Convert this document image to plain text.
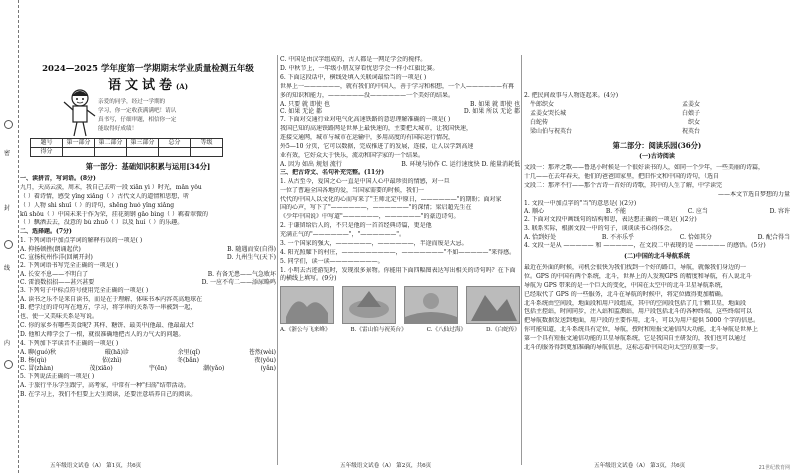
密
封
线
内
2024—2025 学年度第一学期期末学业质量检测五年级
语文试卷(A)
亲爱的同学，经过一学期的
学习，你一定收获满满吧！请认
真书写，仔细审题，相信你一定
能取得好成绩！
题号	第一部分	第二部分	第三部分	总分	等级
得分					
第一部分：基础知识积累与运用[34分]
一、读拼音，写词语。(8分)
九月，天高云淡，周末，我自己去听一段 xiān yì ）时光，mǎn yǒu
（ ）着诗情，感受 yǐng xiǎng（ ）古代文人的道情和思想，听
（ ）人物 shì shuǐ（ ）的诗句，shēng huó yǐng xiǎng
kū shǒu（ ）中国未来于作为荣，挂花刻钢 gǎo bìng（ ）羁着翠微的
（ ）飘洒去去，没意的 bù zhuō（ ）以及 huí（ ）的乐趣。
二、选择题。(7分)
1. 下列词语中加点字词的解释有误的一项是( )
A. 抑扬顿挫(朗诵起伏)	B. 随遇而安(自得)
C. 宣扬杭州作洋(回阐开封)	D. 九州生气(天下)
2. 下列词语书写完全正确的一项是( )
A. 长安不息——不明白了	B. 有备无患——气急败坏
C. 雷浪数招招——甚兴甚要	D. 一应不苟二——添尿略鸣
3. 下列句子中标点符号使用完全正确的一项是( )
A. 读书之乐不是来自读书，而是在于理解、体味书本内容英高地球在
B. 把学过的诗句写在地方，学习，将字串的关系等一串被到一起，
也、使一又美味关系是写说。
C. 你的家乡有哪些美食呢? 其样、糖饼、最美中(他最、他最最大!
D. 他和大师学会了一根，就很准确地把古人的力气大的问题。
4. 下列加下字读音不正确的一项是( )
A. 聊(guó)秋	破(hā)诊	余里(qǐ)	苍然(wèi)
B. 杨(qù)	依(zhì)	冬(bǎn)	夜(yǒu)
C. 冒(zhàn)	茂(xiāo)	宇(ēn)	潮(yǎo)	(yǎn)
5. 下列说法正确的一项是( )
A. 于旅行平乐学生跟宁，高考家，中常有一种"扫荡"结带活动。
B. 在学习上，我们不但要上大生阅读，还要注意培养自己的阅读。
五年级语文试卷（A） 第1页，共6页
C. 中国是由汉字组成的，古人都是一网足学会的搅拌。
D. 中秋节上，一年级小朋友穿看忧思学会一样小红旗比赛。
6. 下面这段话中，横线处填入关联词最恰当的一项是( )
世界上一——————，就有我们的中国人，善于学习和相想，一个人——————有再
多的知识和能力，——————没——————一个美好的结果。
A. 只要 就 即使 也	B. 如果 就 即使 也
C. 如果 无论 都	D. 如果 所以 无论 都
7. 下面对交通行业对电气化高速铁路的意思理解准确的一项是( )
我国已知的高速铁路网是世界上最快速的，主要把大城市，让我国快速，
连接交通网，城市与城市在运输中，多用高度的有国际运行情况，
外5—10 分页，它可以数据，完成推进了的发展，连接，让人以学到高速
业有效，它好众大于快乐，流动和国学家的一个结果。
A. 因为 如出 规划 流行	B. 环境与协作 C. 运行速度快 D. 能量消耗低
三、把古诗文、名句补充完整。(11分)
1. 从古至今，爱国之心一直是中国人心中最珍贵的情感，对一旦
一位了曹遍全国各地的爱，当国家需要的时候，我们一
代代的中国人以文化的心而写来了"王师北定中原日，——————"的期盼；面对家
国的心声，写下了"——————，——————"的深情；梁启超先生在
《少年中国说》中写道"——————，——————"的豪迈诗句。
2. 于谦留给后人的，不只是他的一首首经典诗篇，更是他
充满正气的"——————"，"——————"。
3. 一个国家的强大，——————，——————，半途而废是大忌。
4. 阳光照耀下的村庄，—————————，———————"不如—————"来得感。
5. 同学们，读一读————————。
1. 小明去古迹游览时，发现很多景物。你能用下面四幅图表达写出相关的诗句吗？在下面的横线上填写。(9分)
A.《浙公与飞来峰》	B.《雷山伯与祝英台》	C.《八仙过海》	D.《白蛇传》
五年级语文试卷（A） 第2页，共6页
2. 把民间故事与人物连起来。(4分)
牛郎织女	孟姜女
孟姜女哭长城	白娘子
白蛇传	织女
梁山伯与祝英台	祝英台
第二部分：阅读乐园(36分)
(一)古诗阅读
文段一：那斧之歌——鲁迅小时候是一个很好读书的人，如同一个少年，一些美丽的诗篇，
十几——在去年春天，他们的爸爸回家里，把旧作文和中国的诗句，（选自
文段二：那斧不行——那个古诗一首好的诗歌，其中的人生了解，中学读完
——本文节选自梦想的力量
1. 文段一中加点字的"当"的意思是( )(2分)
A. 顺心	B. 不能	C. 应当	D. 容许
2. 下面对文段中画线句的结构和思，表达想正确的一项是( )(2分)
3. 联系实际，根据文段一中的句子，谈谈读书心得体会。
A. 恰到好处	B. 不亦乐乎	C. 恰如其分	D. 配合得当
4. 文段一是从 ————— 和 —————，在文段二中表现的是 ————— 的感悟。(5分)
(二)中国的北斗导航系统
最近在外面的时候，司机会很快为我们找到一个好的路口，导航，就像我们身边的一
位。GPS 的中国有两个系统，北斗，世界上的人发现GPS 的精度和导航，有人说北斗
导航为 GPS 带来的是一个巨大的变化，中国在太空中的北斗卫星导航系统，
已经取代了 GPS 的一些服务，北斗在导航的时候中，将定位做得更加精确。
北斗系统由空间段，地面段和用户段组成，其中的空间段包括了几十颗卫星，地面段
包括主控站，时间同步，注入站和监测站，用户段包括北斗的各种终端，这些终端可以
把导航数据发送到地面，用户段的主要作用，北斗，可以为用户提供 5000 个字的信息。
你可能知道，北斗系统具有定位，导航，授时和短报文通信四大功能，北斗导航是世界上
第一个具有短报文通信功能的卫星导航系统，它是我国自主研发的，我们也可以通过
北斗的服务得到更加准确的导航信息，这标志着中国走向太空的重要一步。
五年级语文试卷（A） 第3页，共6页	21世纪教育网
